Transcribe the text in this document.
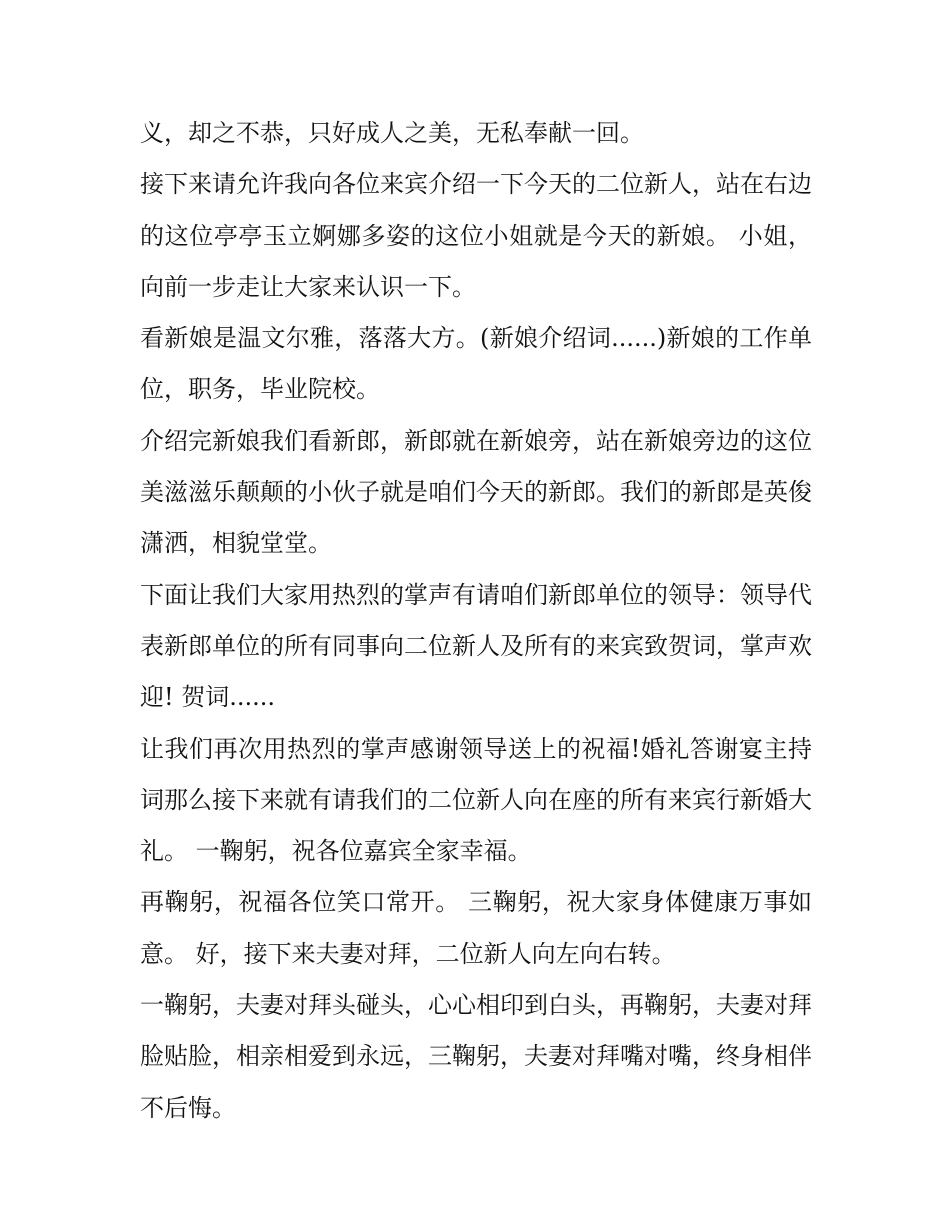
义，却之不恭，只好成人之美，无私奉献一回。

接下来请允许我向各位来宾介绍一下今天的二位新人，站在右边的这位亭亭玉立婀娜多姿的这位小姐就是今天的新娘。 小姐，向前一步走让大家来认识一下。

看新娘是温文尔雅，落落大方。(新娘介绍词......)新娘的工作单位，职务，毕业院校。

介绍完新娘我们看新郎，新郎就在新娘旁，站在新娘旁边的这位美滋滋乐颠颠的小伙子就是咱们今天的新郎。我们的新郎是英俊潇洒，相貌堂堂。

下面让我们大家用热烈的掌声有请咱们新郎单位的领导：领导代表新郎单位的所有同事向二位新人及所有的来宾致贺词，掌声欢迎! 贺词......

让我们再次用热烈的掌声感谢领导送上的祝福!婚礼答谢宴主持词那么接下来就有请我们的二位新人向在座的所有来宾行新婚大礼。 一鞠躬，祝各位嘉宾全家幸福。

再鞠躬，祝福各位笑口常开。 三鞠躬，祝大家身体健康万事如意。 好，接下来夫妻对拜，二位新人向左向右转。

一鞠躬，夫妻对拜头碰头，心心相印到白头，再鞠躬，夫妻对拜脸贴脸，相亲相爱到永远，三鞠躬，夫妻对拜嘴对嘴，终身相伴不后悔。
